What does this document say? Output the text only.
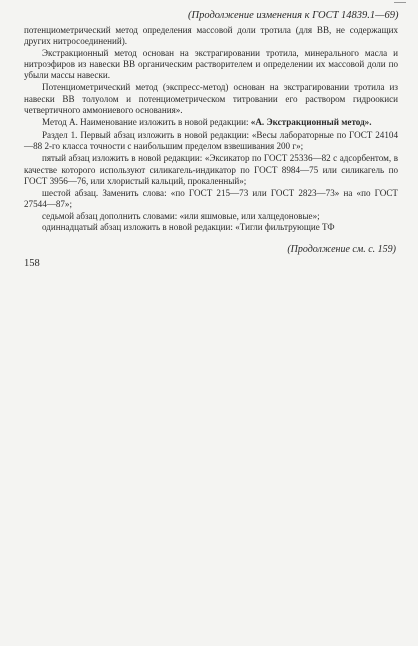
(Продолжение изменения к ГОСТ 14839.1—69)

потенциометрический метод определения массовой доли тротила (для ВВ, не содержащих других нитросоединений).

Экстракционный метод основан на экстрагировании тротила, минерального масла и нитроэфиров из навески ВВ органическим растворителем и определении их массовой доли по убыли массы навески.

Потенциометрический метод (экспресс-метод) основан на экстрагировании тротила из навески ВВ толуолом и потенциометрическом титровании его раствором гидроокиси четвертичного аммониевого основания».

Метод А. Наименование изложить в новой редакции: «А. Экстракционный метод».

Раздел 1. Первый абзац изложить в новой редакции: «Весы лабораторные по ГОСТ 24104—88 2-го класса точности с наибольшим пределом взвешивания 200 г»;

пятый абзац изложить в новой редакции: «Эксикатор по ГОСТ 25336—82 с адсорбентом, в качестве которого используют силикагель-индикатор по ГОСТ 8984—75 или силикагель по ГОСТ 3956—76, или хлористый кальций, прокаленный»;

шестой абзац. Заменить слова: «по ГОСТ 215—73 или ГОСТ 2823—73» на «по ГОСТ 27544—87»;

седьмой абзац дополнить словами: «или яшмовые, или халцедоновые»;

одиннадцатый абзац изложить в новой редакции: «Тигли фильтрующие ТФ

(Продолжение см. с. 159)
158
